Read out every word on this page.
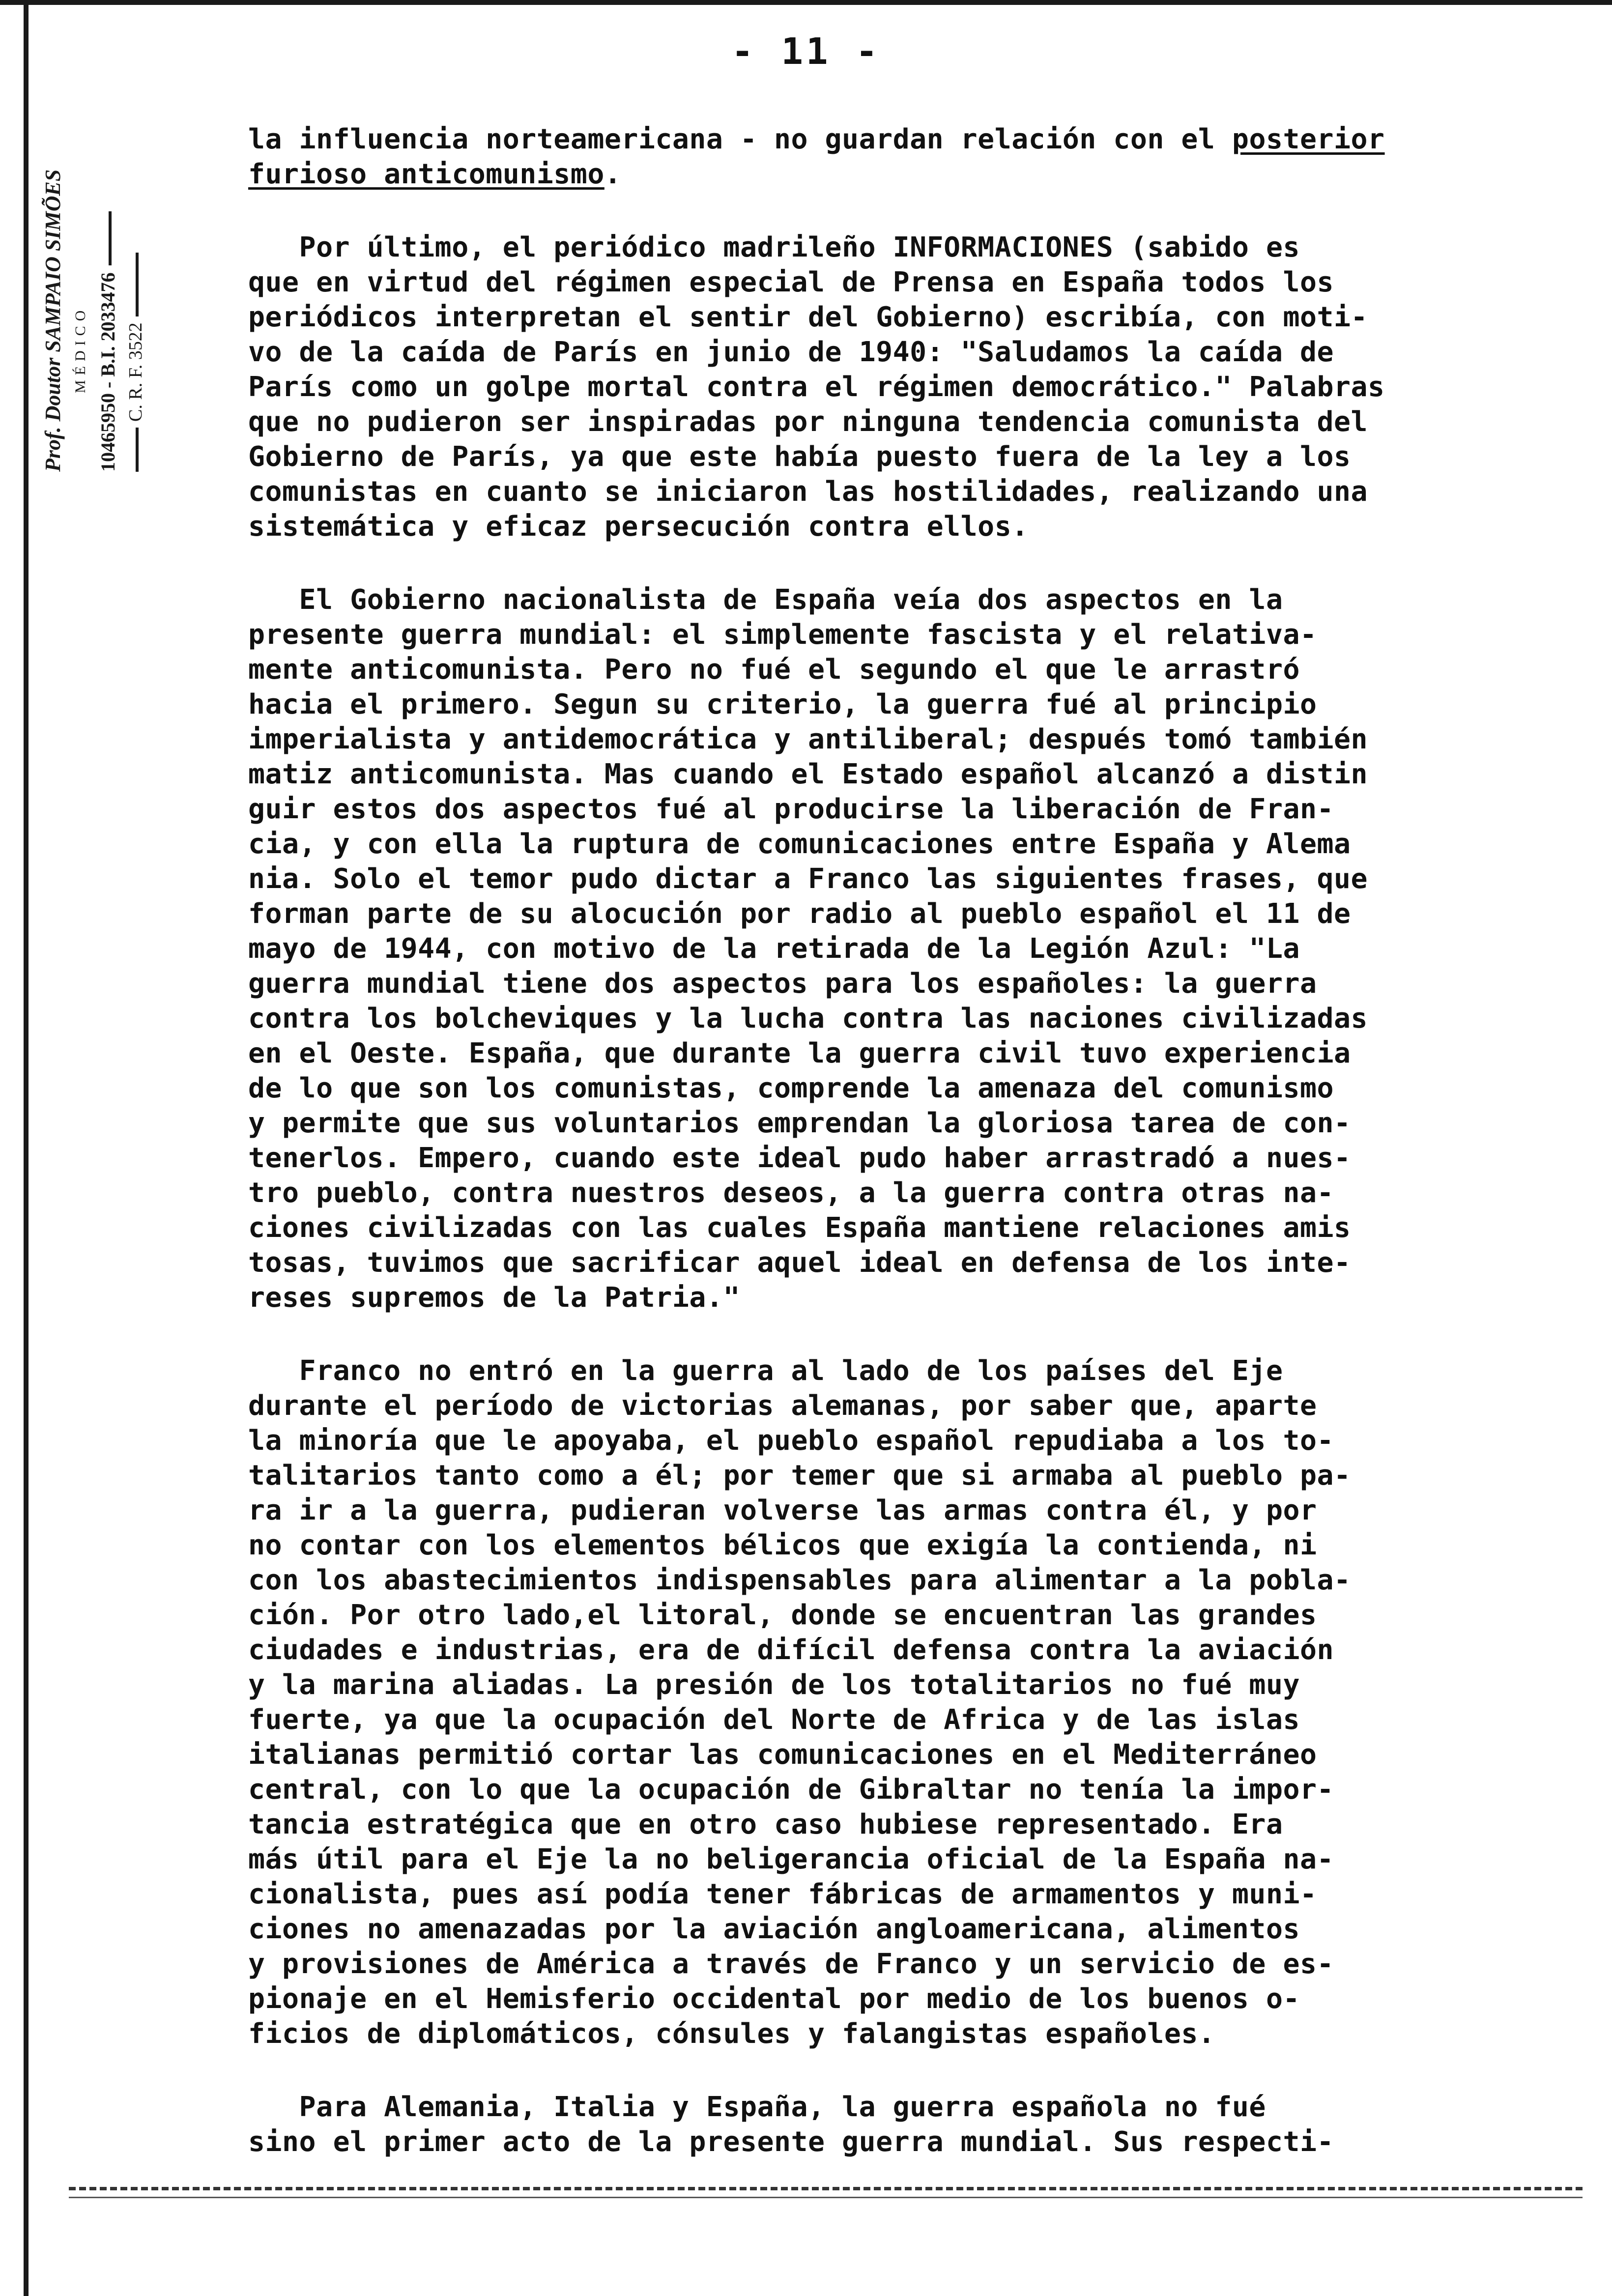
- 11 -
Prof. Doutor SAMPAIO SIMÕES MÉDICO 10465950 - B.I. 2033476 C. R. F. 3522
la influencia norteamericana - no guardan relación con el posterior
furioso anticomunismo.
Por último, el periódico madrileño INFORMACIONES (sabido es
que en virtud del régimen especial de Prensa en España todos los
periódicos interpretan el sentir del Gobierno) escribía, con moti-
vo de la caída de París en junio de 1940: "Saludamos la caída de
París como un golpe mortal contra el régimen democrático." Palabras
que no pudieron ser inspiradas por ninguna tendencia comunista del
Gobierno de París, ya que este había puesto fuera de la ley a los
comunistas en cuanto se iniciaron las hostilidades, realizando una
sistemática y eficaz persecución contra ellos.
El Gobierno nacionalista de España veía dos aspectos en la
presente guerra mundial: el simplemente fascista y el relativa-
mente anticomunista. Pero no fué el segundo el que le arrastró
hacia el primero. Segun su criterio, la guerra fué al principio
imperialista y antidemocrática y antiliberal; después tomó también
matiz anticomunista. Mas cuando el Estado español alcanzó a distin
guir estos dos aspectos fué al producirse la liberación de Fran-
cia, y con ella la ruptura de comunicaciones entre España y Alema
nia. Solo el temor pudo dictar a Franco las siguientes frases, que
forman parte de su alocución por radio al pueblo español el 11 de
mayo de 1944, con motivo de la retirada de la Legión Azul: "La
guerra mundial tiene dos aspectos para los españoles: la guerra
contra los bolcheviques y la lucha contra las naciones civilizadas
en el Oeste. España, que durante la guerra civil tuvo experiencia
de lo que son los comunistas, comprende la amenaza del comunismo
y permite que sus voluntarios emprendan la gloriosa tarea de con-
tenerlos. Empero, cuando este ideal pudo haber arrastradó a nues-
tro pueblo, contra nuestros deseos, a la guerra contra otras na-
ciones civilizadas con las cuales España mantiene relaciones amis
tosas, tuvimos que sacrificar aquel ideal en defensa de los inte-
reses supremos de la Patria."
Franco no entró en la guerra al lado de los países del Eje
durante el período de victorias alemanas, por saber que, aparte
la minoría que le apoyaba, el pueblo español repudiaba a los to-
talitarios tanto como a él; por temer que si armaba al pueblo pa-
ra ir a la guerra, pudieran volverse las armas contra él, y por
no contar con los elementos bélicos que exigía la contienda, ni
con los abastecimientos indispensables para alimentar a la pobla-
ción. Por otro lado,el litoral, donde se encuentran las grandes
ciudades e industrias, era de difícil defensa contra la aviación
y la marina aliadas. La presión de los totalitarios no fué muy
fuerte, ya que la ocupación del Norte de Africa y de las islas
italianas permitió cortar las comunicaciones en el Mediterráneo
central, con lo que la ocupación de Gibraltar no tenía la impor-
tancia estratégica que en otro caso hubiese representado. Era
más útil para el Eje la no beligerancia oficial de la España na-
cionalista, pues así podía tener fábricas de armamentos y muni-
ciones no amenazadas por la aviación angloamericana, alimentos
y provisiones de América a través de Franco y un servicio de es-
pionaje en el Hemisferio occidental por medio de los buenos o-
ficios de diplomáticos, cónsules y falangistas españoles.
Para Alemania, Italia y España, la guerra española no fué
sino el primer acto de la presente guerra mundial. Sus respecti-
